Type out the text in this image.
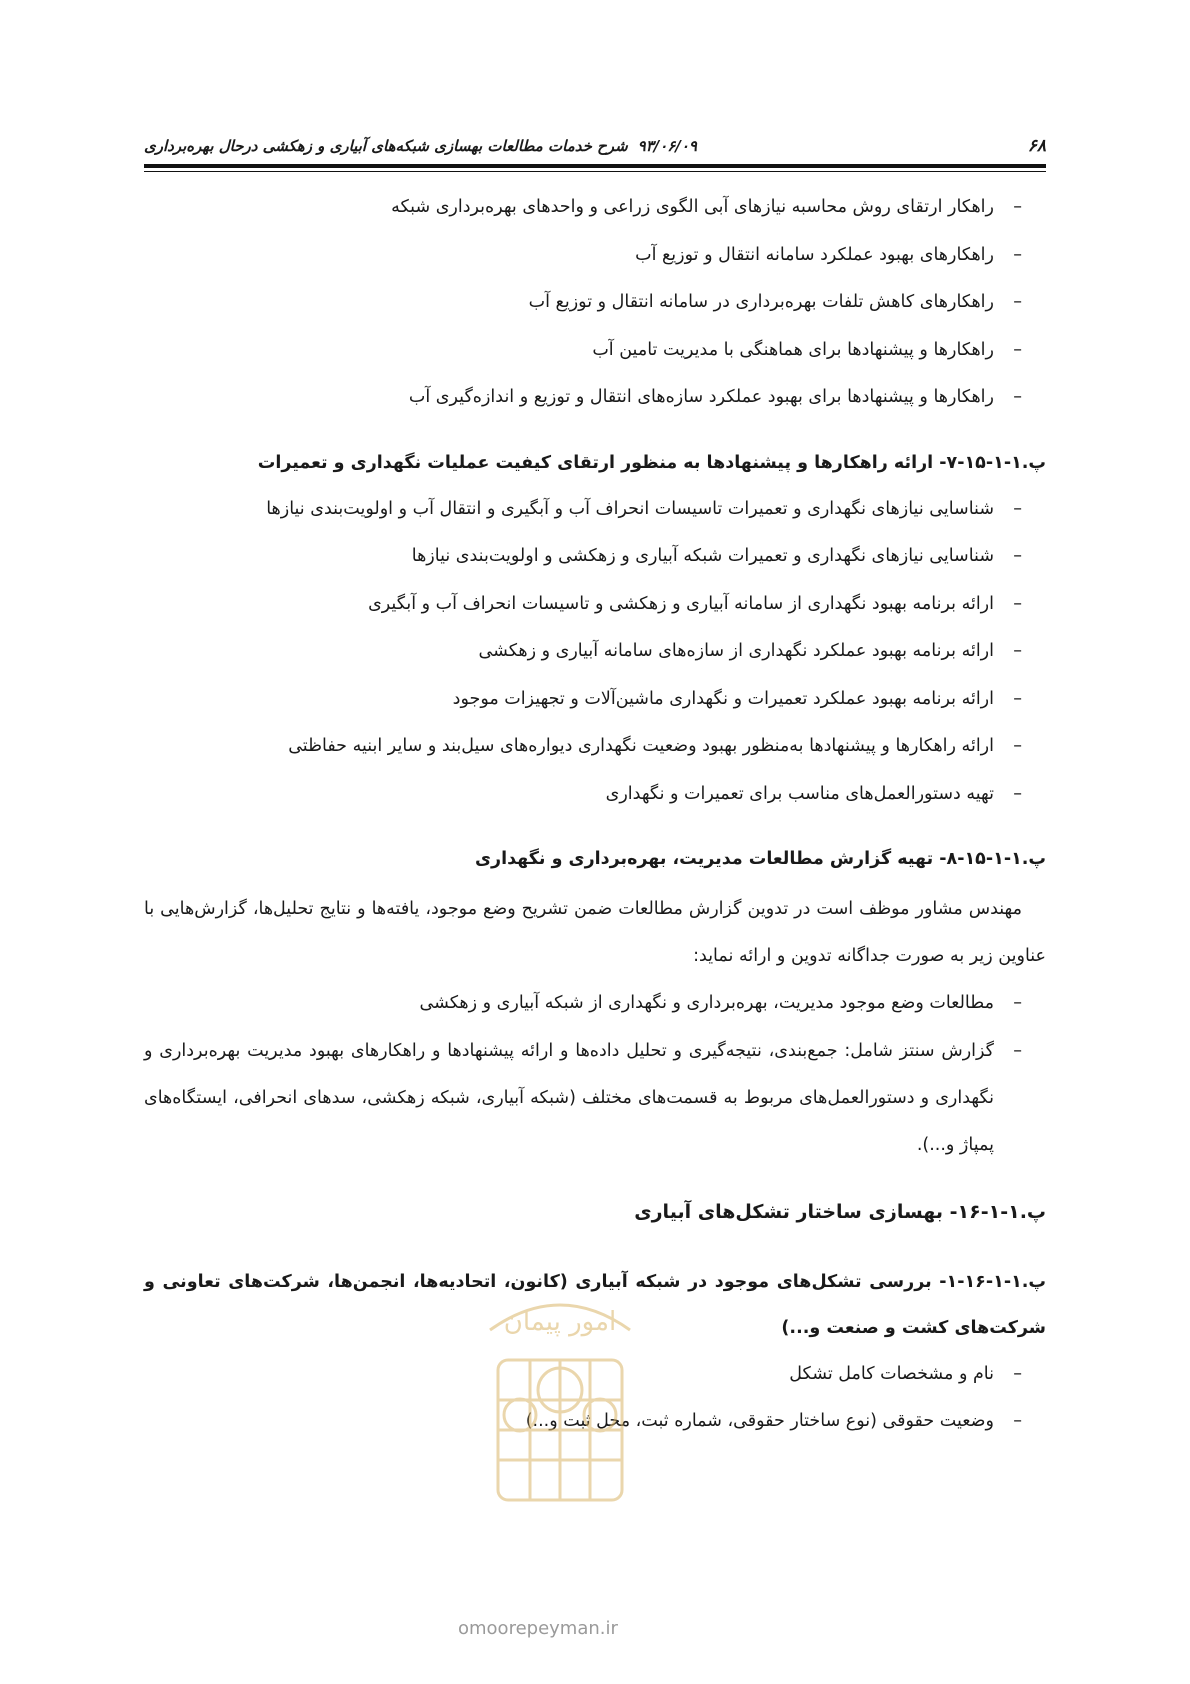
۶۸
۹۳/۰۶/۰۹شرح خدمات مطالعات بهسازی شبکه‌های آبیاری و زهکشی درحال بهره‌برداری
–
راهکار ارتقای روش محاسبه نیازهای آبی الگوی زراعی و واحدهای بهره‌برداری شبکه
–
راهکارهای بهبود عملکرد سامانه انتقال و توزیع آب
–
راهکارهای کاهش تلفات بهره‌برداری در سامانه انتقال و توزیع آب
–
راهکارها و پیشنهادها برای هماهنگی با مدیریت تامین آب
–
راهکارها و پیشنهادها برای بهبود عملکرد سازه‌های انتقال و توزیع و اندازه‌گیری آب
پ.۱-۱-۱۵-۷- ارائه راهکارها و پیشنهادها به منظور ارتقای کیفیت عملیات نگهداری و تعمیرات
–
شناسایی نیازهای نگهداری و تعمیرات تاسیسات انحراف آب و آبگیری و انتقال آب و اولویت‌بندی نیازها
–
شناسایی نیازهای نگهداری و تعمیرات شبکه آبیاری و زهکشی و اولویت‌بندی نیازها
–
ارائه برنامه بهبود نگهداری از سامانه آبیاری و زهکشی و تاسیسات انحراف آب و آبگیری
–
ارائه برنامه بهبود عملکرد نگهداری از سازه‌های سامانه آبیاری و زهکشی
–
ارائه برنامه بهبود عملکرد تعمیرات و نگهداری ماشین‌آلات و تجهیزات موجود
–
ارائه راهکارها و پیشنهادها به‌منظور بهبود وضعیت نگهداری دیواره‌های سیل‌بند و سایر ابنیه حفاظتی
–
تهیه دستورالعمل‌های مناسب برای تعمیرات و نگهداری
پ.۱-۱-۱۵-۸- تهیه گزارش مطالعات مدیریت، بهره‌برداری و نگهداری
مهندس مشاور موظف است در تدوین گزارش مطالعات ضمن تشریح وضع موجود، یافته‌ها و نتایج تحلیل‌ها، گزارش‌هایی با عناوین زیر به صورت جداگانه تدوین و ارائه نماید:
–
مطالعات وضع موجود مدیریت، بهره‌برداری و نگهداری از شبکه آبیاری و زهکشی
–
گزارش سنتز شامل: جمع‌بندی، نتیجه‌گیری و تحلیل داده‌ها و ارائه پیشنهادها و راهکارهای بهبود مدیریت بهره‌برداری و نگهداری و دستورالعمل‌های مربوط به قسمت‌های مختلف (شبکه آبیاری، شبکه زهکشی، سدهای انحرافی، ایستگاه‌های پمپاژ و...).
پ.۱-۱-۱۶- بهسازی ساختار تشکل‌های آبیاری
پ.۱-۱-۱۶-۱- بررسی تشکل‌های موجود در شبکه آبیاری (کانون، اتحادیه‌ها، انجمن‌ها، شرکت‌های تعاونی و شرکت‌های کشت و صنعت و...)
–
نام و مشخصات کامل تشکل
–
وضعیت حقوقی (نوع ساختار حقوقی، شماره ثبت، محل ثبت و...)
امور پیمان
omoorepeyman.ir
